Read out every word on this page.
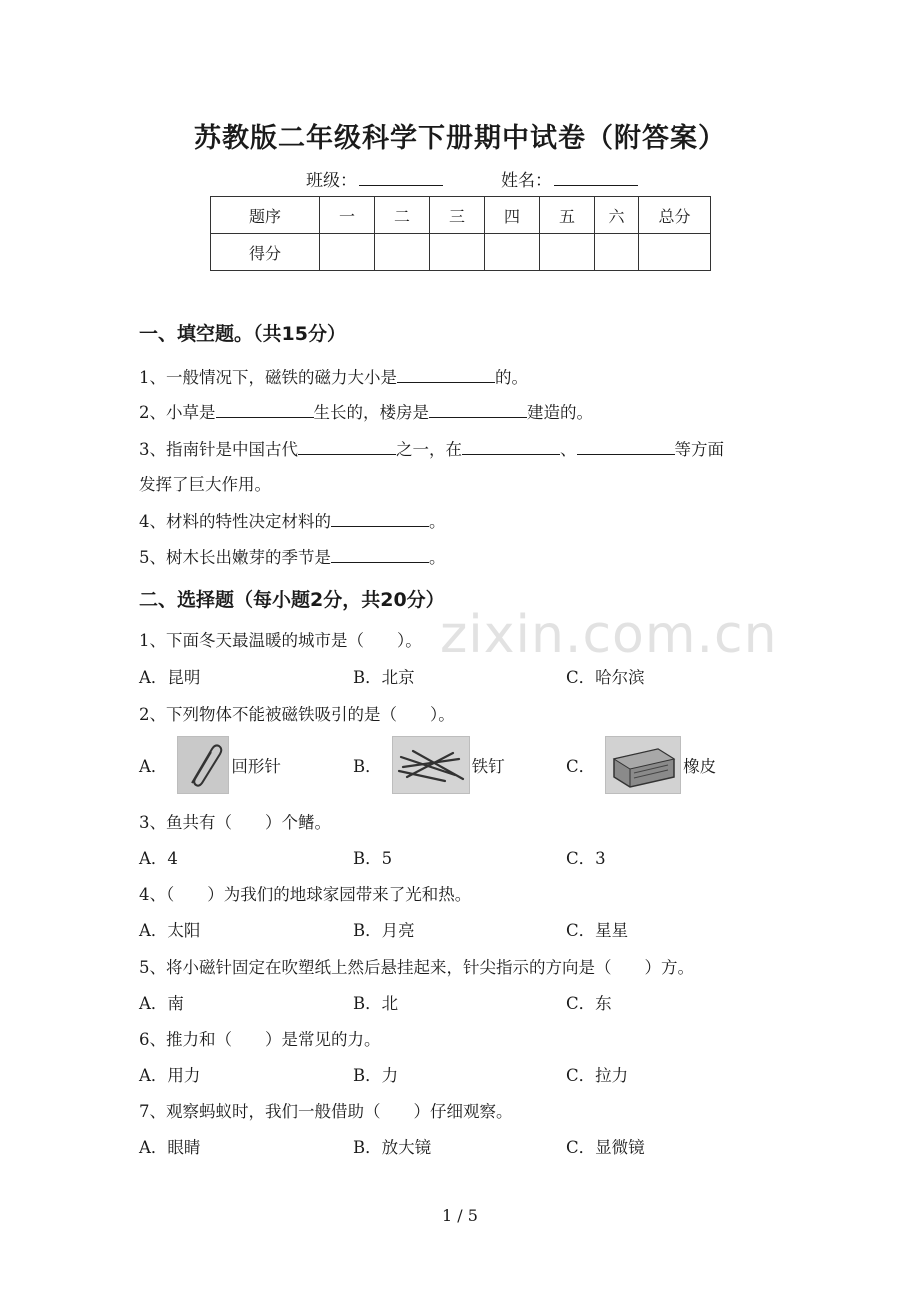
苏教版二年级科学下册期中试卷（附答案）
班级：	姓名：
题序	一	二	三	四	五	六	总分
得分							
一、填空题。（共15分）
1、一般情况下，磁铁的磁力大小是	的。
2、小草是	生长的，楼房是	建造的。
3、指南针是中国古代	之一，在	、	等方面
发挥了巨大作用。
4、材料的特性决定材料的	。
5、树木长出嫩芽的季节是	。
二、选择题（每小题2分，共20分）
zixin.com.cn
1、下面冬天最温暖的城市是（　　）。
A．昆明	B．北京	C．哈尔滨
2、下列物体不能被磁铁吸引的是（　　）。
A．	回形针	B．	铁钉	C．	橡皮
3、鱼共有（　　）个鳍。
A．4	B．5	C．3
4、（　　）为我们的地球家园带来了光和热。
A．太阳	B．月亮	C．星星
5、将小磁针固定在吹塑纸上然后悬挂起来，针尖指示的方向是（　　）方。
A．南	B．北	C．东
6、推力和（　　）是常见的力。
A．用力	B．力	C．拉力
7、观察蚂蚁时，我们一般借助（　　）仔细观察。
A．眼睛	B．放大镜	C．显微镜
1 / 5
